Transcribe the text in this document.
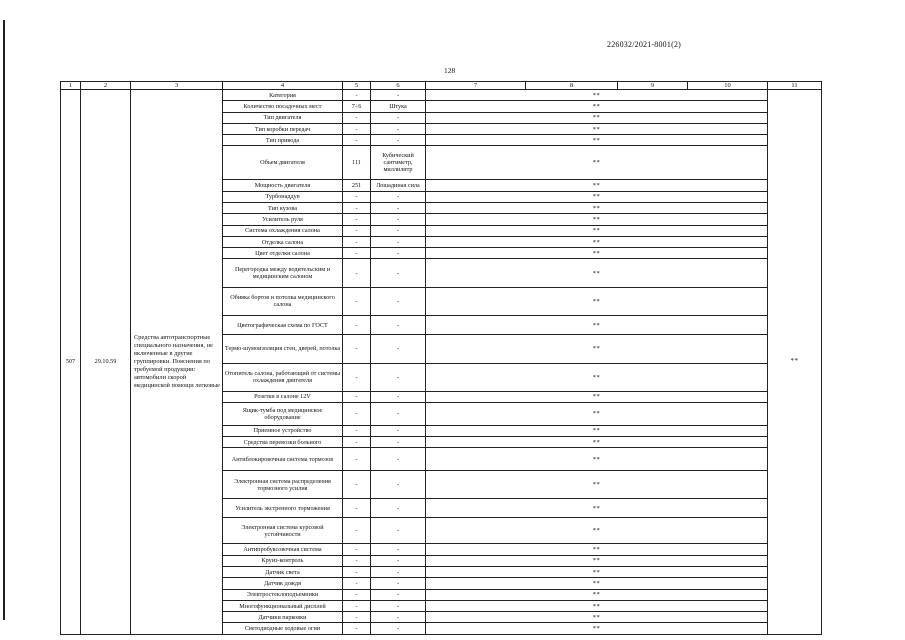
226032/2021-8001(2)
128
1	2	3	4	5	6	7	8	9	10	11
507	29.10.59	Средства автотранспортные специального назначения, не включенные в другие группировки. Пояснения по требуемой продукции: автомобили скорой медицинской помощи легковые	Категория	-	-	**				**
			Количество посадочных мест	7÷6	Штука	**				
			Тип двигателя	-	-	**				
			Тип коробки передач	-	-	**				
			Тип привода	-	-	**				
			Объем двигателя	111	Кубический сантиметр, миллилитр	**				
			Мощность двигателя	251	Лошадиная сила	**				
			Турбонаддув	-	-	**				
			Тип кузова	-	-	**				
			Усилитель руля	-	-	**				
			Система охлаждения салона	-	-	**				
			Отделка салона	-	-	**				
			Цвет отделки салона	-	-	**				
			Перегородка между водительским и медицинским салоном	-	-	**				
			Обивка бортов и потолка медицинского салона	-	-	**				
			Цветографическая схема по ГОСТ	-	-	**				
			Термо-шумоизоляция стен, дверей, потолка	-	-	**				
			Отопитель салона, работающий от системы охлаждения двигателя	-	-	**				
			Розетки в салоне 12V	-	-	**				
			Ящик-тумба под медицинское оборудование	-	-	**				
			Приемное устройство	-	-	**				
			Средства перевозки больного	-	-	**				
			Антиблокировочная система тормозов	-	-	**				
			Электронная система распределения тормозного усилия	-	-	**				
			Усилитель экстренного торможения	-	-	**				
			Электронная система курсовой устойчивости	-	-	**				
			Антипробуксовочная система	-	-	**				
			Круиз-контроль	-	-	**				
			Датчик света	-	-	**				
			Датчик дождя	-	-	**				
			Электростеклоподъемники	-	-	**				
			Многофункциональный дисплей	-	-	**				
			Датчики парковки	-	-	**				
			Светодиодные ходовые огни	-	-	**				
